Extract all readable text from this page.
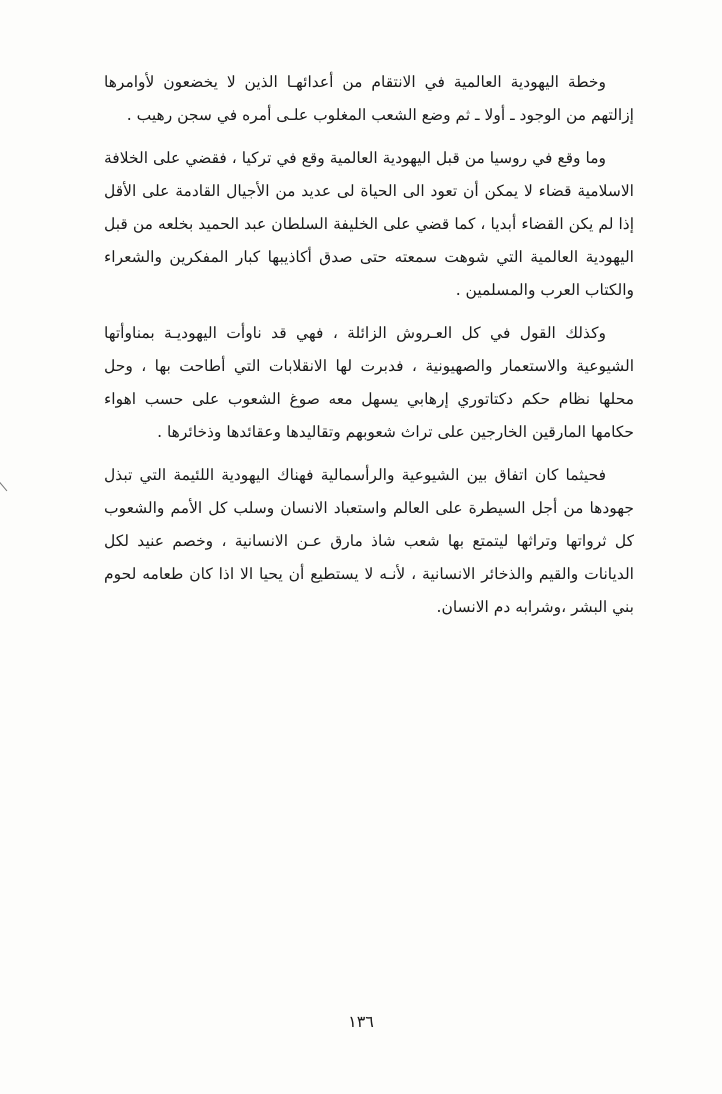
وخطة اليهودية العالمية في الانتقام من أعدائهـا الذين لا يخضعون لأوامرها إزالتهم من الوجود ـ أولا ـ ثم وضع الشعب المغلوب علـى أمره في سجن رهيب .

وما وقع في روسيا من قبل اليهودية العالمية وقع في تركيا ، فقضي على الخلافة الاسلامية قضاء لا يمكن أن تعود الى الحياة لى عديد من الأجيال القادمة على الأقل إذا لم يكن القضاء أبديا ، كما قضي على الخليفة السلطان عبد الحميد بخلعه من قبل اليهودية العالمية التي شوهت سمعته حتى صدق أكاذيبها كبار المفكرين والشعراء والكتاب العرب والمسلمين .

وكذلك القول في كل العـروش الزائلة ، فهي قد ناوأت اليهوديـة بمناوأتها الشيوعية والاستعمار والصهيونية ، فدبرت لها الانقلابات التي أطاحت بها ، وحل محلها نظام حكم دكتاتوري إرهابي يسهل معه صوغ الشعوب على حسب اهواء حكامها المارقين الخارجين على تراث شعوبهم وتقاليدها وعقائدها وذخائرها .

فحيثما كان اتفاق بين الشيوعية والرأسمالية فهناك اليهودية اللئيمة التي تبذل جهودها من أجل السيطرة على العالم واستعباد الانسان وسلب كل الأمم والشعوب كل ثرواتها وتراثها ليتمتع بها شعب شاذ مارق عـن الانسانية ، وخصم عنيد لكل الديانات والقيم والذخائر الانسانية ، لأنـه لا يستطيع أن يحيا الا اذا كان طعامه لحوم بني البشر ،وشرابه دم الانسان.

١٣٦
